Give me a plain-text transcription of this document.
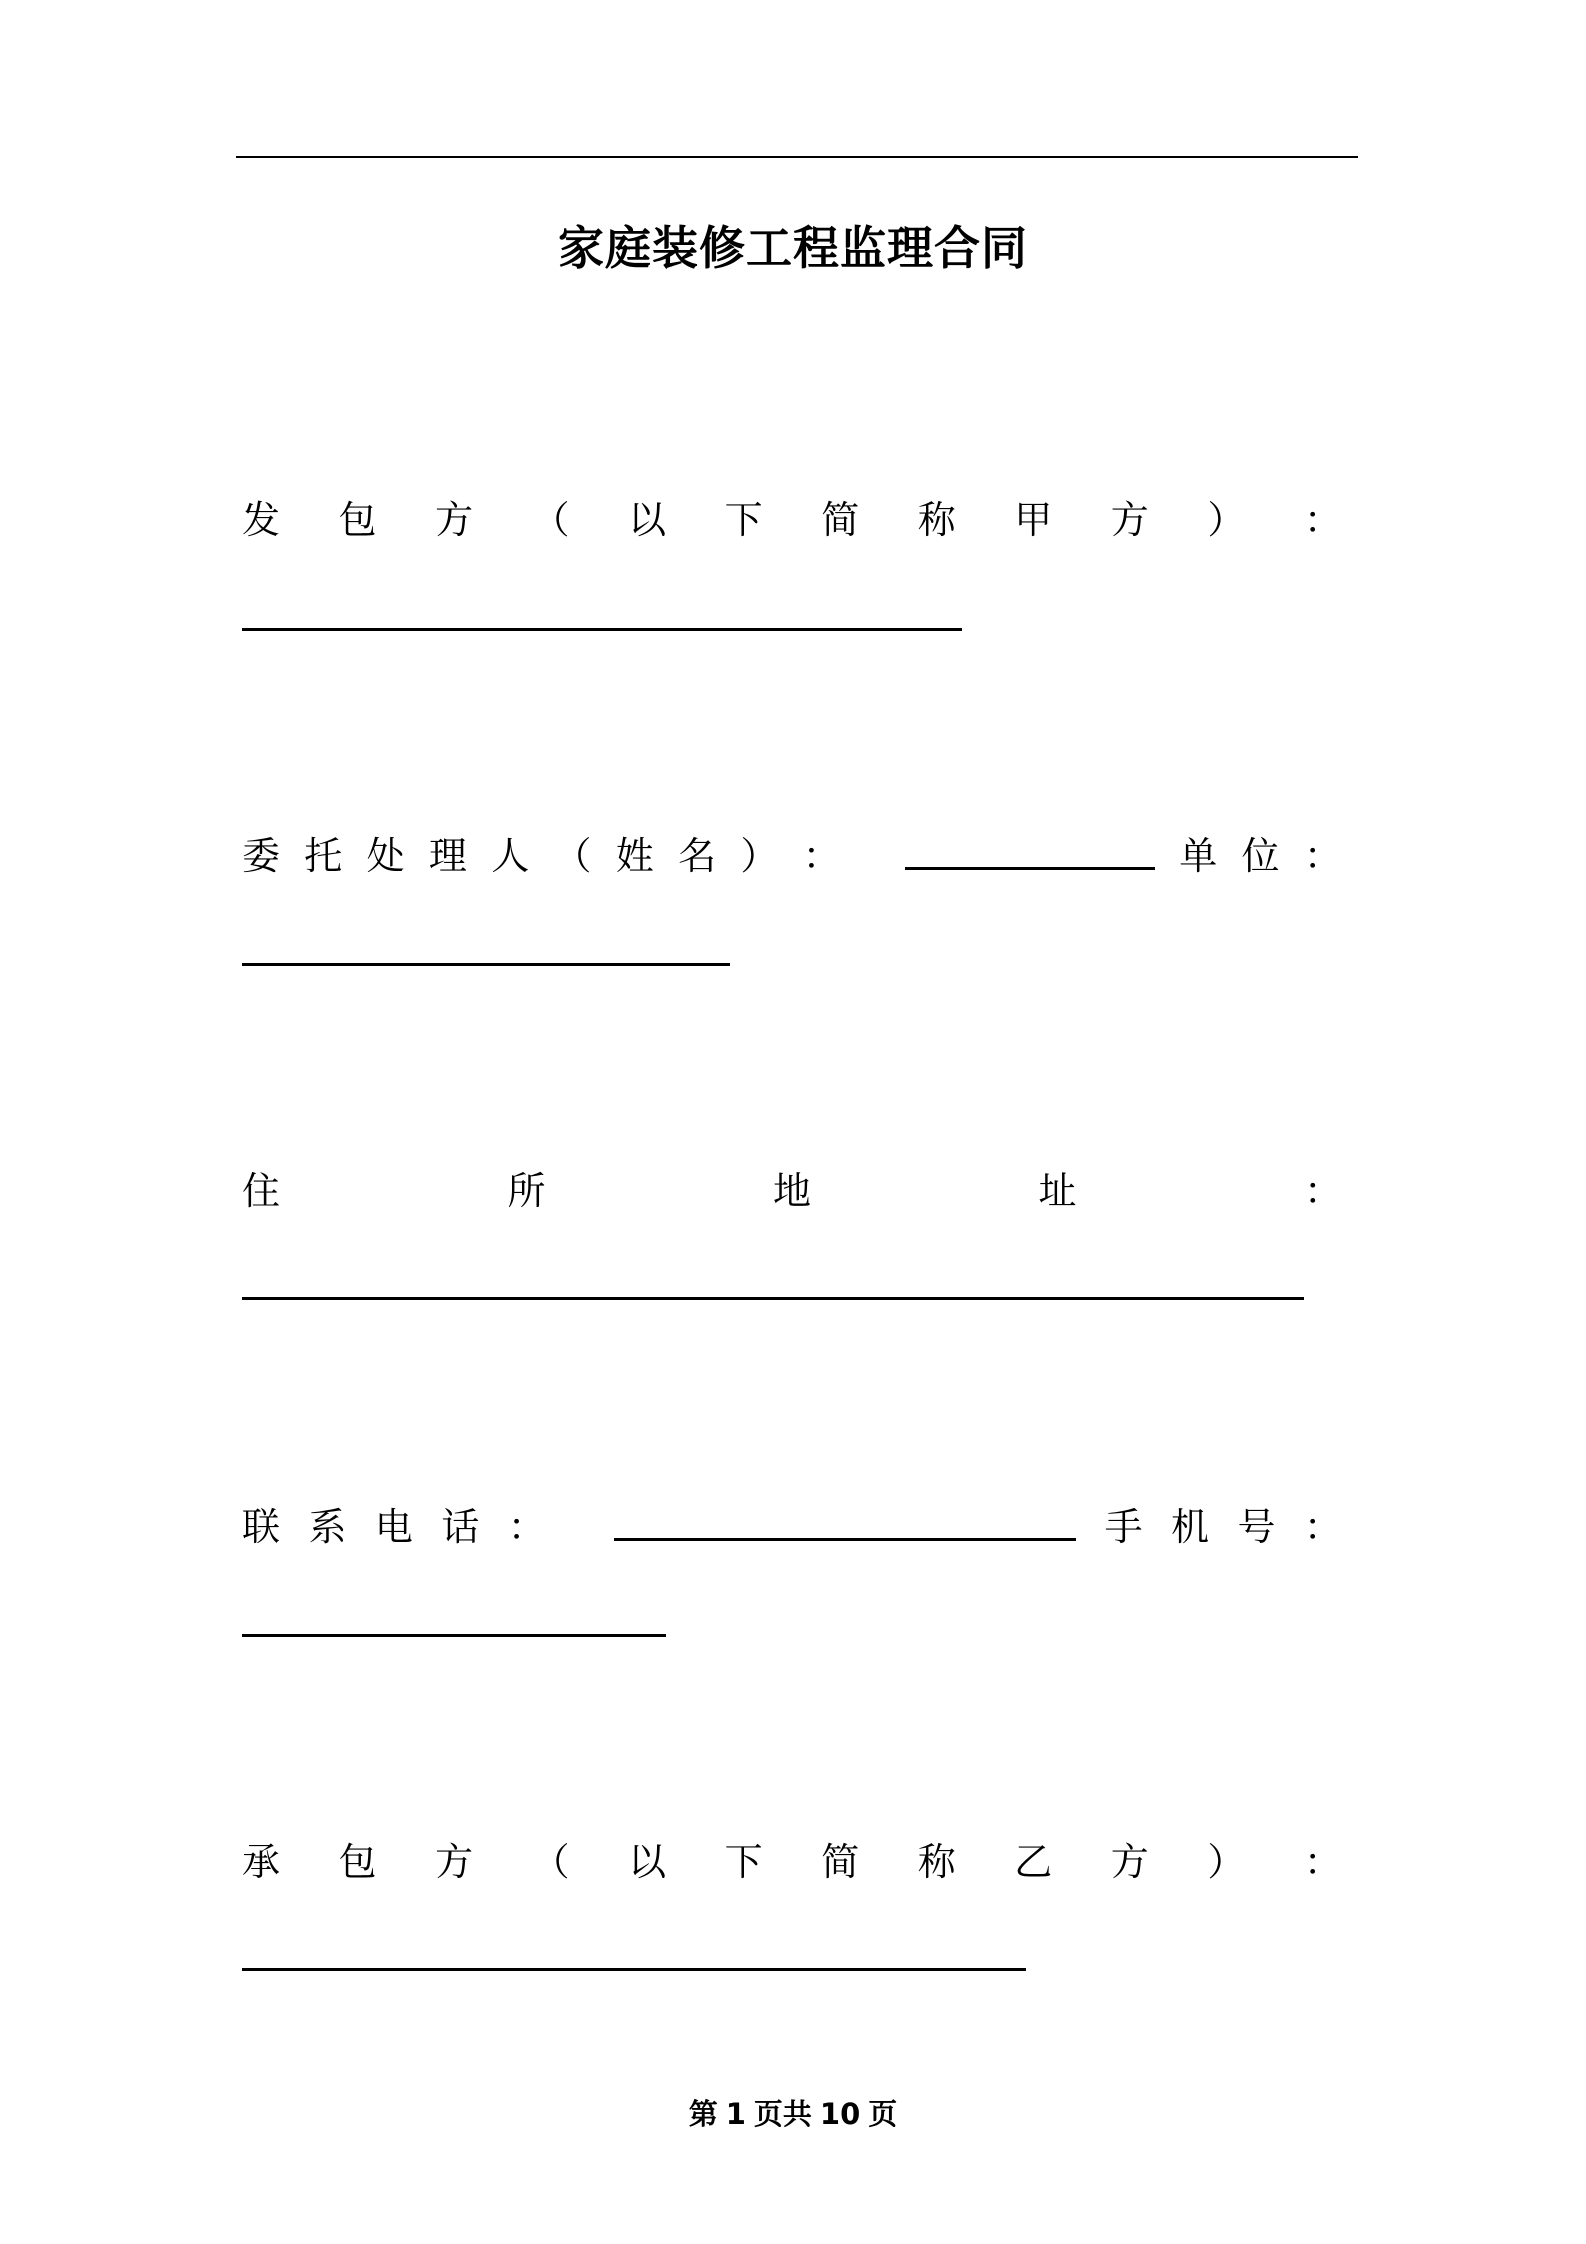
家庭装修工程监理合同
发 包 方 （ 以 下 简 称 甲 方 ） ：
委 托 处 理 人 （ 姓 名 ） ：	单 位 ：
住	所	地	址	：
联 系 电 话 ：	手 机 号 ：
承 包 方 （ 以 下 简 称 乙 方 ） ：
第 1 页共 10 页
